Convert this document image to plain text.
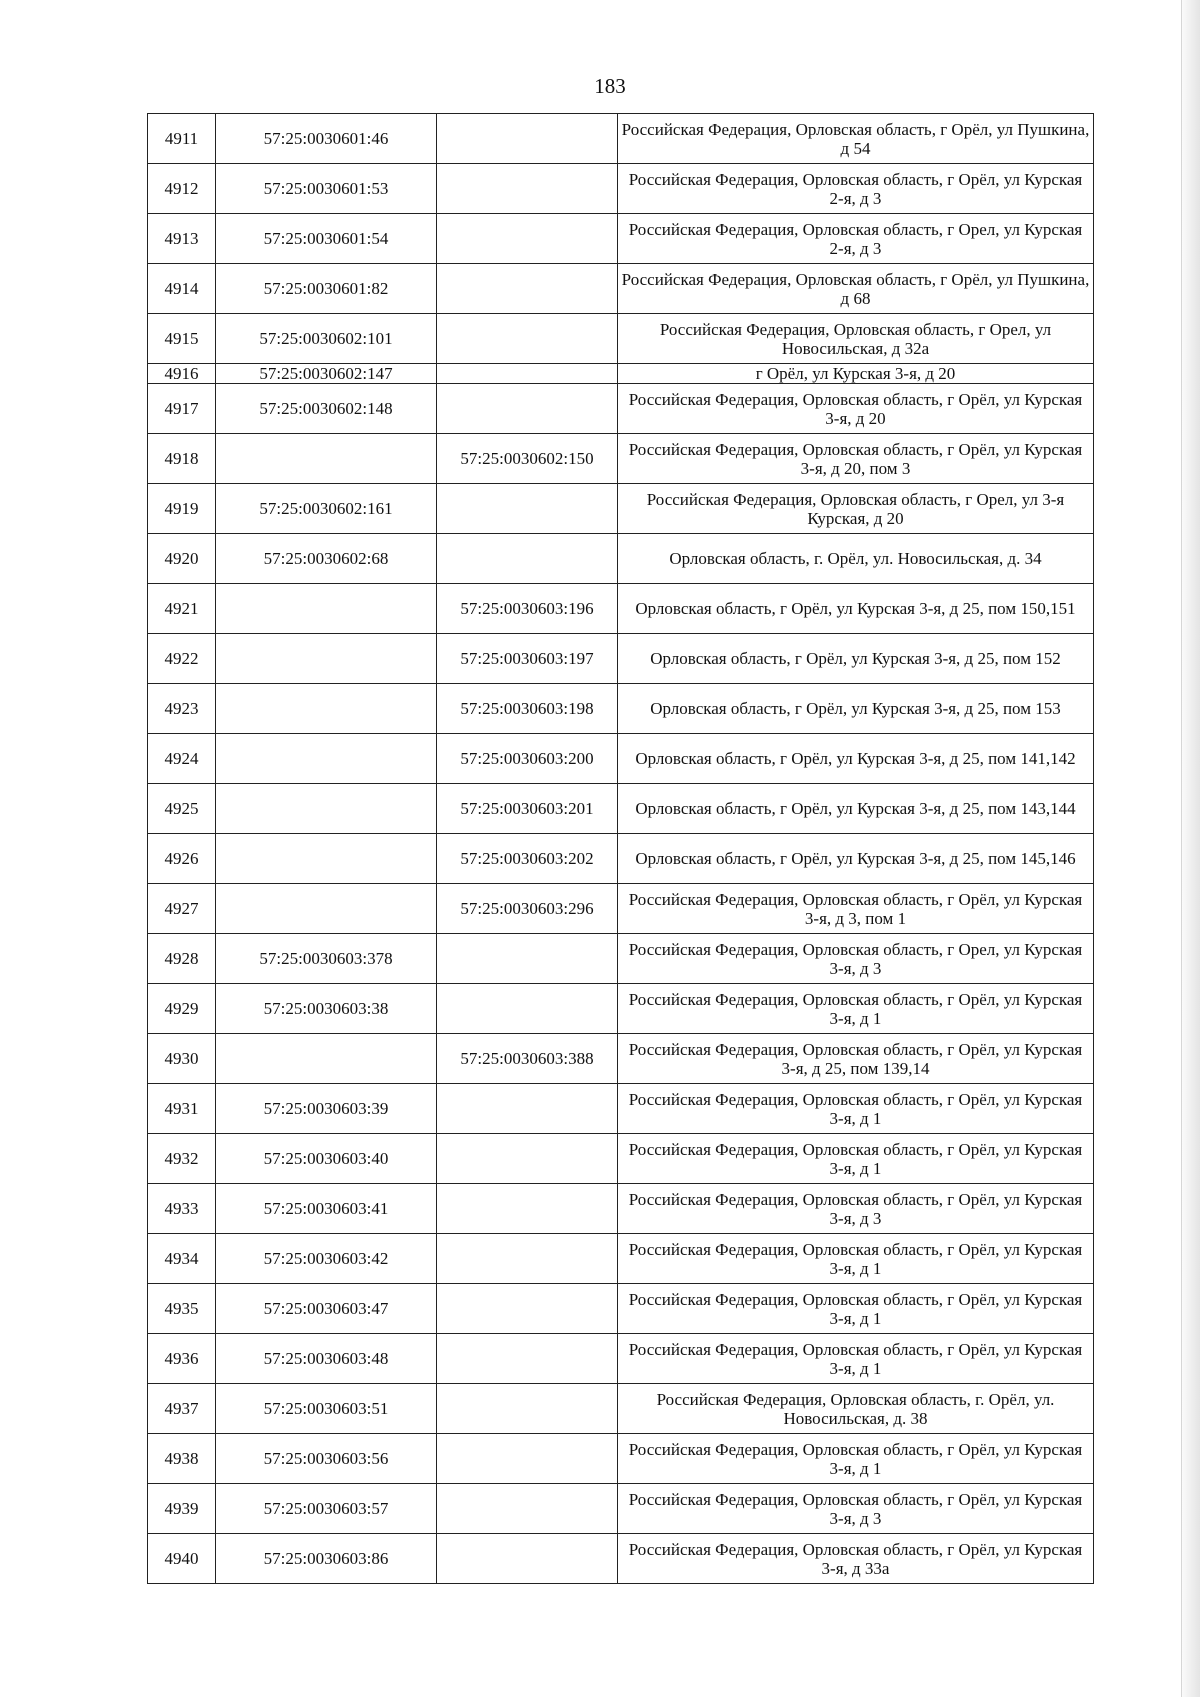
183
4911	57:25:0030601:46		Российская Федерация, Орловская область, г Орёл, ул Пушкина, д 54
4912	57:25:0030601:53		Российская Федерация, Орловская область, г Орёл, ул Курская 2-я, д 3
4913	57:25:0030601:54		Российская Федерация, Орловская область, г Орел, ул Курская 2-я, д 3
4914	57:25:0030601:82		Российская Федерация, Орловская область, г Орёл, ул Пушкина, д 68
4915	57:25:0030602:101		Российская Федерация, Орловская область, г Орел, ул Новосильская, д 32а
4916	57:25:0030602:147		г Орёл, ул Курская 3-я, д 20
4917	57:25:0030602:148		Российская Федерация, Орловская область, г Орёл, ул Курская 3-я, д 20
4918		57:25:0030602:150	Российская Федерация, Орловская область, г Орёл, ул Курская 3-я, д 20, пом 3
4919	57:25:0030602:161		Российская Федерация, Орловская область, г Орел, ул 3-я Курская, д 20
4920	57:25:0030602:68		Орловская область, г. Орёл, ул. Новосильская, д. 34
4921		57:25:0030603:196	Орловская область, г Орёл, ул Курская 3-я, д 25, пом 150,151
4922		57:25:0030603:197	Орловская область, г Орёл, ул Курская 3-я, д 25, пом 152
4923		57:25:0030603:198	Орловская область, г Орёл, ул Курская 3-я, д 25, пом 153
4924		57:25:0030603:200	Орловская область, г Орёл, ул Курская 3-я, д 25, пом 141,142
4925		57:25:0030603:201	Орловская область, г Орёл, ул Курская 3-я, д 25, пом 143,144
4926		57:25:0030603:202	Орловская область, г Орёл, ул Курская 3-я, д 25, пом 145,146
4927		57:25:0030603:296	Российская Федерация, Орловская область, г Орёл, ул Курская 3-я, д 3, пом 1
4928	57:25:0030603:378		Российская Федерация, Орловская область, г Орел, ул Курская 3-я, д 3
4929	57:25:0030603:38		Российская Федерация, Орловская область, г Орёл, ул Курская 3-я, д 1
4930		57:25:0030603:388	Российская Федерация, Орловская область, г Орёл, ул Курская 3-я, д 25, пом 139,14
4931	57:25:0030603:39		Российская Федерация, Орловская область, г Орёл, ул Курская 3-я, д 1
4932	57:25:0030603:40		Российская Федерация, Орловская область, г Орёл, ул Курская 3-я, д 1
4933	57:25:0030603:41		Российская Федерация, Орловская область, г Орёл, ул Курская 3-я, д 3
4934	57:25:0030603:42		Российская Федерация, Орловская область, г Орёл, ул Курская 3-я, д 1
4935	57:25:0030603:47		Российская Федерация, Орловская область, г Орёл, ул Курская 3-я, д 1
4936	57:25:0030603:48		Российская Федерация, Орловская область, г Орёл, ул Курская 3-я, д 1
4937	57:25:0030603:51		Российская Федерация, Орловская область, г. Орёл, ул. Новосильская, д. 38
4938	57:25:0030603:56		Российская Федерация, Орловская область, г Орёл, ул Курская 3-я, д 1
4939	57:25:0030603:57		Российская Федерация, Орловская область, г Орёл, ул Курская 3-я, д 3
4940	57:25:0030603:86		Российская Федерация, Орловская область, г Орёл, ул Курская 3-я, д 33а
